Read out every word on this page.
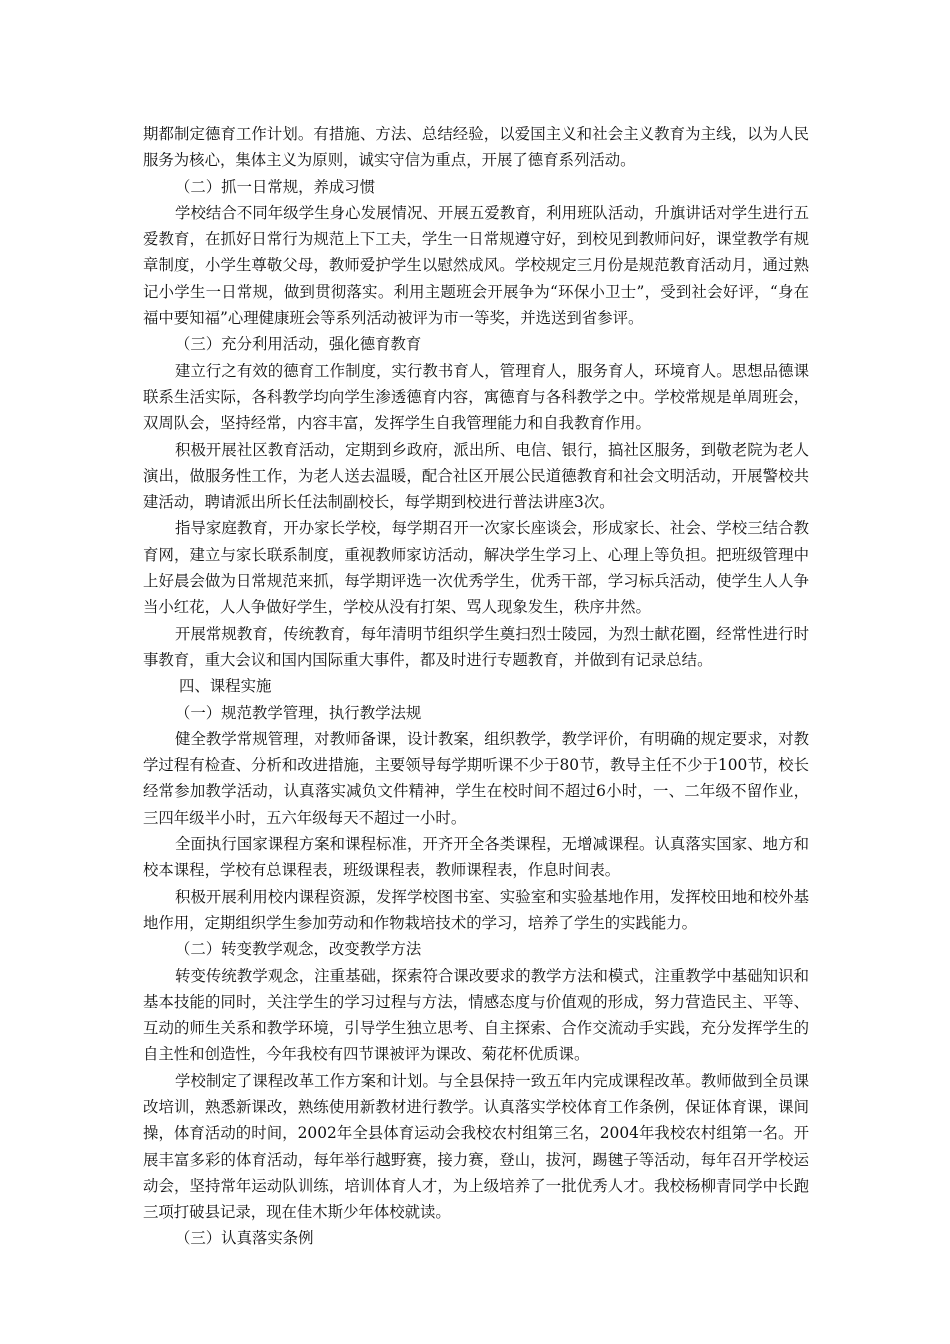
期都制定德育工作计划。有措施、方法、总结经验，以爱国主义和社会主义教育为主线，以为人民服务为核心，集体主义为原则，诚实守信为重点，开展了德育系列活动。

（二）抓一日常规，养成习惯

学校结合不同年级学生身心发展情况、开展五爱教育，利用班队活动，升旗讲话对学生进行五爱教育，在抓好日常行为规范上下工夫，学生一日常规遵守好，到校见到教师问好，课堂教学有规章制度，小学生尊敬父母，教师爱护学生以慰然成风。学校规定三月份是规范教育活动月，通过熟记小学生一日常规，做到贯彻落实。利用主题班会开展争为“环保小卫士”，受到社会好评，“身在福中要知福”心理健康班会等系列活动被评为市一等奖，并选送到省参评。

（三）充分利用活动，强化德育教育

建立行之有效的德育工作制度，实行教书育人，管理育人，服务育人，环境育人。思想品德课联系生活实际，各科教学均向学生渗透德育内容，寓德育与各科教学之中。学校常规是单周班会，双周队会，坚持经常，内容丰富，发挥学生自我管理能力和自我教育作用。

积极开展社区教育活动，定期到乡政府，派出所、电信、银行，搞社区服务，到敬老院为老人演出，做服务性工作，为老人送去温暖，配合社区开展公民道德教育和社会文明活动，开展警校共建活动，聘请派出所长任法制副校长，每学期到校进行普法讲座3次。

指导家庭教育，开办家长学校，每学期召开一次家长座谈会，形成家长、社会、学校三结合教育网，建立与家长联系制度，重视教师家访活动，解决学生学习上、心理上等负担。把班级管理中上好晨会做为日常规范来抓，每学期评选一次优秀学生，优秀干部，学习标兵活动，使学生人人争当小红花，人人争做好学生，学校从没有打架、骂人现象发生，秩序井然。

开展常规教育，传统教育，每年清明节组织学生奠扫烈士陵园，为烈士献花圈，经常性进行时事教育，重大会议和国内国际重大事件，都及时进行专题教育，并做到有记录总结。

四、课程实施

（一）规范教学管理，执行教学法规

健全教学常规管理，对教师备课，设计教案，组织教学，教学评价，有明确的规定要求，对教学过程有检查、分析和改进措施，主要领导每学期听课不少于80节，教导主任不少于100节，校长经常参加教学活动，认真落实减负文件精神，学生在校时间不超过6小时，一、二年级不留作业，三四年级半小时，五六年级每天不超过一小时。

全面执行国家课程方案和课程标准，开齐开全各类课程，无增减课程。认真落实国家、地方和校本课程，学校有总课程表，班级课程表，教师课程表，作息时间表。

积极开展利用校内课程资源，发挥学校图书室、实验室和实验基地作用，发挥校田地和校外基地作用，定期组织学生参加劳动和作物栽培技术的学习，培养了学生的实践能力。

（二）转变教学观念，改变教学方法

转变传统教学观念，注重基础，探索符合课改要求的教学方法和模式，注重教学中基础知识和基本技能的同时，关注学生的学习过程与方法，情感态度与价值观的形成，努力营造民主、平等、互动的师生关系和教学环境，引导学生独立思考、自主探索、合作交流动手实践，充分发挥学生的自主性和创造性，今年我校有四节课被评为课改、菊花杯优质课。

学校制定了课程改革工作方案和计划。与全县保持一致五年内完成课程改革。教师做到全员课改培训，熟悉新课改，熟练使用新教材进行教学。认真落实学校体育工作条例，保证体育课，课间操，体育活动的时间，2002年全县体育运动会我校农村组第三名，2004年我校农村组第一名。开展丰富多彩的体育活动，每年举行越野赛，接力赛，登山，拔河，踢毽子等活动，每年召开学校运动会，坚持常年运动队训练，培训体育人才，为上级培养了一批优秀人才。我校杨柳青同学中长跑三项打破县记录，现在佳木斯少年体校就读。

（三）认真落实条例
